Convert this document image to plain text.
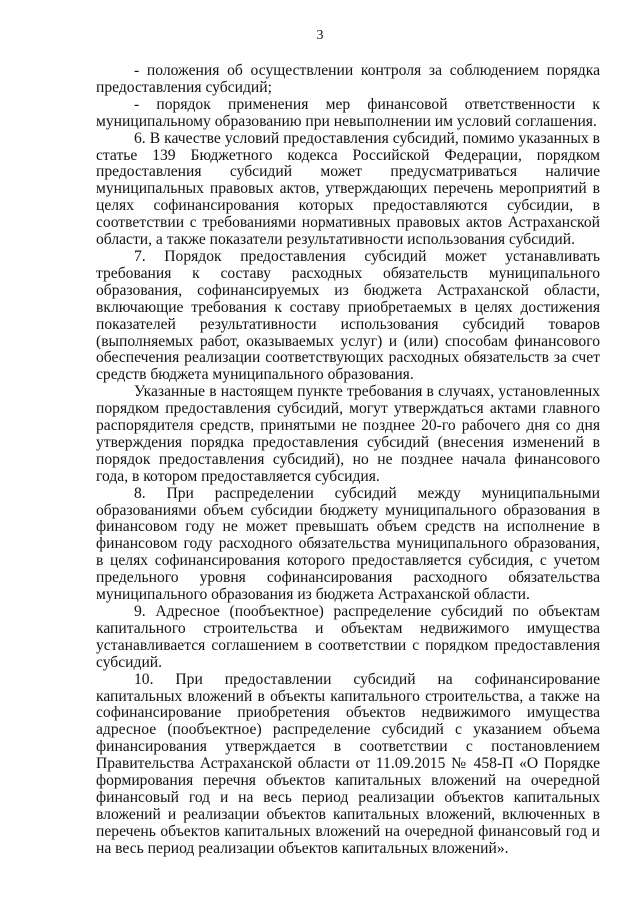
3

- положения об осуществлении контроля за соблюдением порядка предоставления субсидий;

- порядок применения мер финансовой ответственности к муниципальному образованию при невыполнении им условий соглашения.

6. В качестве условий предоставления субсидий, помимо указанных в статье 139 Бюджетного кодекса Российской Федерации, порядком предоставления субсидий может предусматриваться наличие муниципальных правовых актов, утверждающих перечень мероприятий в целях софинансирования которых предоставляются субсидии, в соответствии с требованиями нормативных правовых актов Астраханской области, а также показатели результативности использования субсидий.

7. Порядок предоставления субсидий может устанавливать требования к составу расходных обязательств муниципального образования, софинансируемых из бюджета Астраханской области, включающие требования к составу приобретаемых в целях достижения показателей результативности использования субсидий товаров (выполняемых работ, оказываемых услуг) и (или) способам финансового обеспечения реализации соответствующих расходных обязательств за счет средств бюджета муниципального образования.

Указанные в настоящем пункте требования в случаях, установленных порядком предоставления субсидий, могут утверждаться актами главного распорядителя средств, принятыми не позднее 20-го рабочего дня со дня утверждения порядка предоставления субсидий (внесения изменений в порядок предоставления субсидий), но не позднее начала финансового года, в котором предоставляется субсидия.

8. При распределении субсидий между муниципальными образованиями объем субсидии бюджету муниципального образования в финансовом году не может превышать объем средств на исполнение в финансовом году расходного обязательства муниципального образования, в целях софинансирования которого предоставляется субсидия, с учетом предельного уровня софинансирования расходного обязательства муниципального образования из бюджета Астраханской области.

9. Адресное (пообъектное) распределение субсидий по объектам капитального строительства и объектам недвижимого имущества устанавливается соглашением в соответствии с порядком предоставления субсидий.

10. При предоставлении субсидий на софинансирование капитальных вложений в объекты капитального строительства, а также на софинансирование приобретения объектов недвижимого имущества адресное (пообъектное) распределение субсидий с указанием объема финансирования утверждается в соответствии с постановлением Правительства Астраханской области от 11.09.2015 № 458-П «О Порядке формирования перечня объектов капитальных вложений на очередной финансовый год и на весь период реализации объектов капитальных вложений и реализации объектов капитальных вложений, включенных в перечень объектов капитальных вложений на очередной финансовый год и на весь период реализации объектов капитальных вложений».
